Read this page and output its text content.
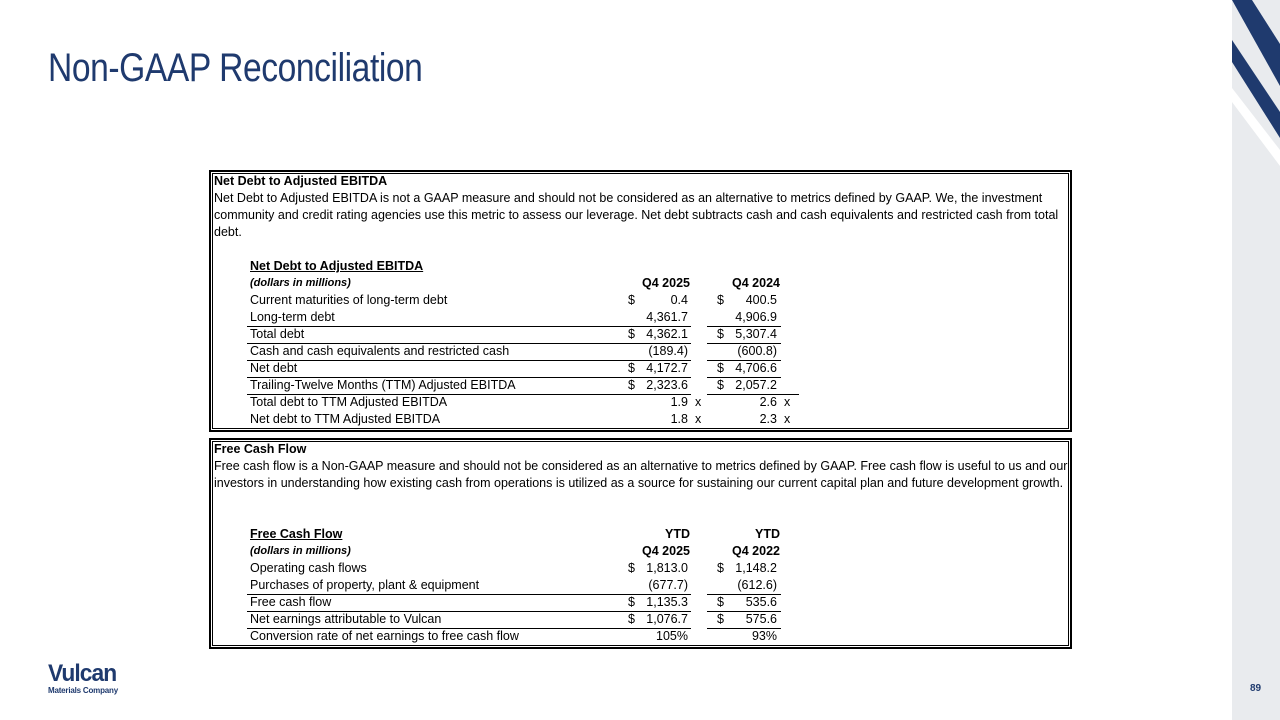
Non-GAAP Reconciliation
Net Debt to Adjusted EBITDA
Net Debt to Adjusted EBITDA is not a GAAP measure and should not be considered as an alternative to metrics defined by GAAP. We, the investment community and credit rating agencies use this metric to assess our leverage. Net debt subtracts cash and cash equivalents and restricted cash from total debt.
Net Debt to Adjusted EBITDA
(dollars in millions)	Q4 2025	Q4 2024
Current maturities of long-term debt	$	0.4 $ 400.5
Long-term debt	4,361.7	4,906.9
Total debt	$ 4,362.1 $ 5,307.4
Cash and cash equivalents and restricted cash	(189.4)	(600.8)
Net debt	$ 4,172.7 $ 4,706.6
Trailing-Twelve Months (TTM) Adjusted EBITDA	$ 2,323.6 $ 2,057.2
Total debt to TTM Adjusted EBITDA	1.9 x	2.6 x
Net debt to TTM Adjusted EBITDA	1.8 x	2.3 x
Free Cash Flow
Free cash flow is a Non-GAAP measure and should not be considered as an alternative to metrics defined by GAAP. Free cash flow is useful to us and our investors in understanding how existing cash from operations is utilized as a source for sustaining our current capital plan and future development growth.
Free Cash Flow	YTD	YTD
(dollars in millions)	Q4 2025	Q4 2022
Operating cash flows	$ 1,813.0 $ 1,148.2
Purchases of property, plant & equipment	(677.7)	(612.6)
Free cash flow	$ 1,135.3 $ 535.6
Net earnings attributable to Vulcan	$ 1,076.7 $ 575.6
Conversion rate of net earnings to free cash flow	105%	93%
Vulcan
Materials Company	89
